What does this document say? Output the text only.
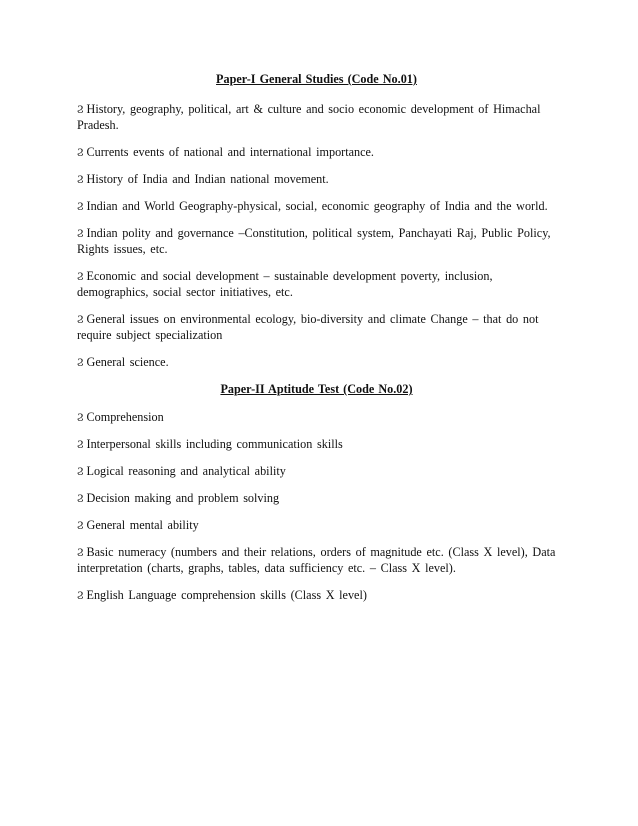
Paper-I General Studies (Code No.01)

Ϩ History, geography, political, art & culture and socio economic development of Himachal Pradesh.

Ϩ Currents events of national and international importance.

Ϩ History of India and Indian national movement.

Ϩ Indian and World Geography-physical, social, economic geography of India and the world.

Ϩ Indian polity and governance –Constitution, political system, Panchayati Raj, Public Policy, Rights issues, etc.

Ϩ Economic and social development – sustainable development poverty, inclusion, demographics, social sector initiatives, etc.

Ϩ General issues on environmental ecology, bio-diversity and climate Change – that do not require subject specialization

Ϩ General science.

Paper-II Aptitude Test (Code No.02)

Ϩ Comprehension

Ϩ Interpersonal skills including communication skills

Ϩ Logical reasoning and analytical ability

Ϩ Decision making and problem solving

Ϩ General mental ability

Ϩ Basic numeracy (numbers and their relations, orders of magnitude etc. (Class X level), Data interpretation (charts, graphs, tables, data sufficiency etc. – Class X level).

Ϩ English Language comprehension skills (Class X level)
